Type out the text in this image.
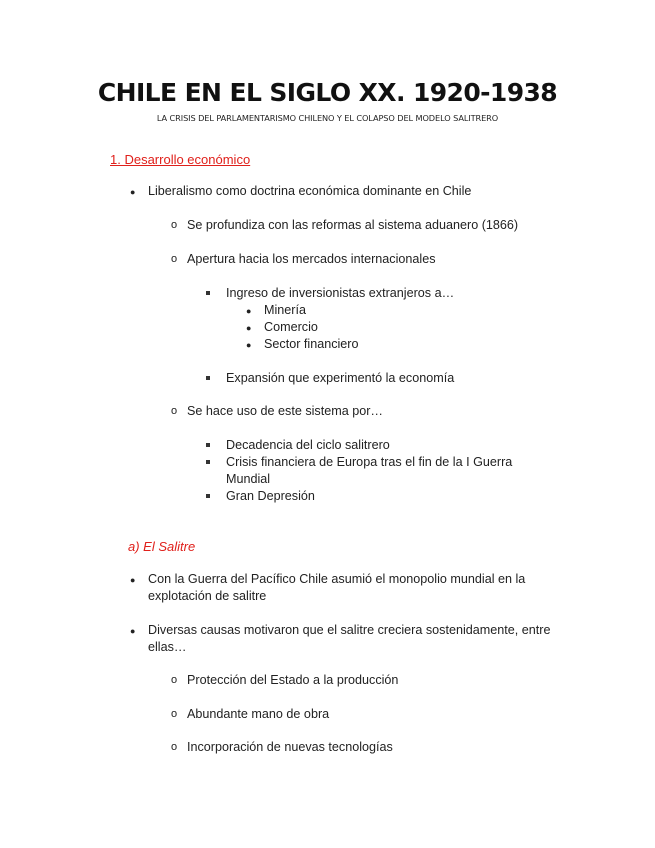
CHILE EN EL SIGLO XX. 1920-1938
LA CRISIS DEL PARLAMENTARISMO CHILENO Y EL COLAPSO DEL MODELO SALITRERO
1. Desarrollo económico
● Liberalismo como doctrina económica dominante en Chile
o Se profundiza con las reformas al sistema aduanero (1866)
o Apertura hacia los mercados internacionales
Ingreso de inversionistas extranjeros a…
● Minería
● Comercio
● Sector financiero
Expansión que experimentó la economía
o Se hace uso de este sistema por…
Decadencia del ciclo salitrero
Crisis financiera de Europa tras el fin de la I Guerra Mundial
Gran Depresión
a) El Salitre
● Con la Guerra del Pacífico Chile asumió el monopolio mundial en la explotación de salitre
● Diversas causas motivaron que el salitre creciera sostenidamente, entre ellas…
o Protección del Estado a la producción
o Abundante mano de obra
o Incorporación de nuevas tecnologías
